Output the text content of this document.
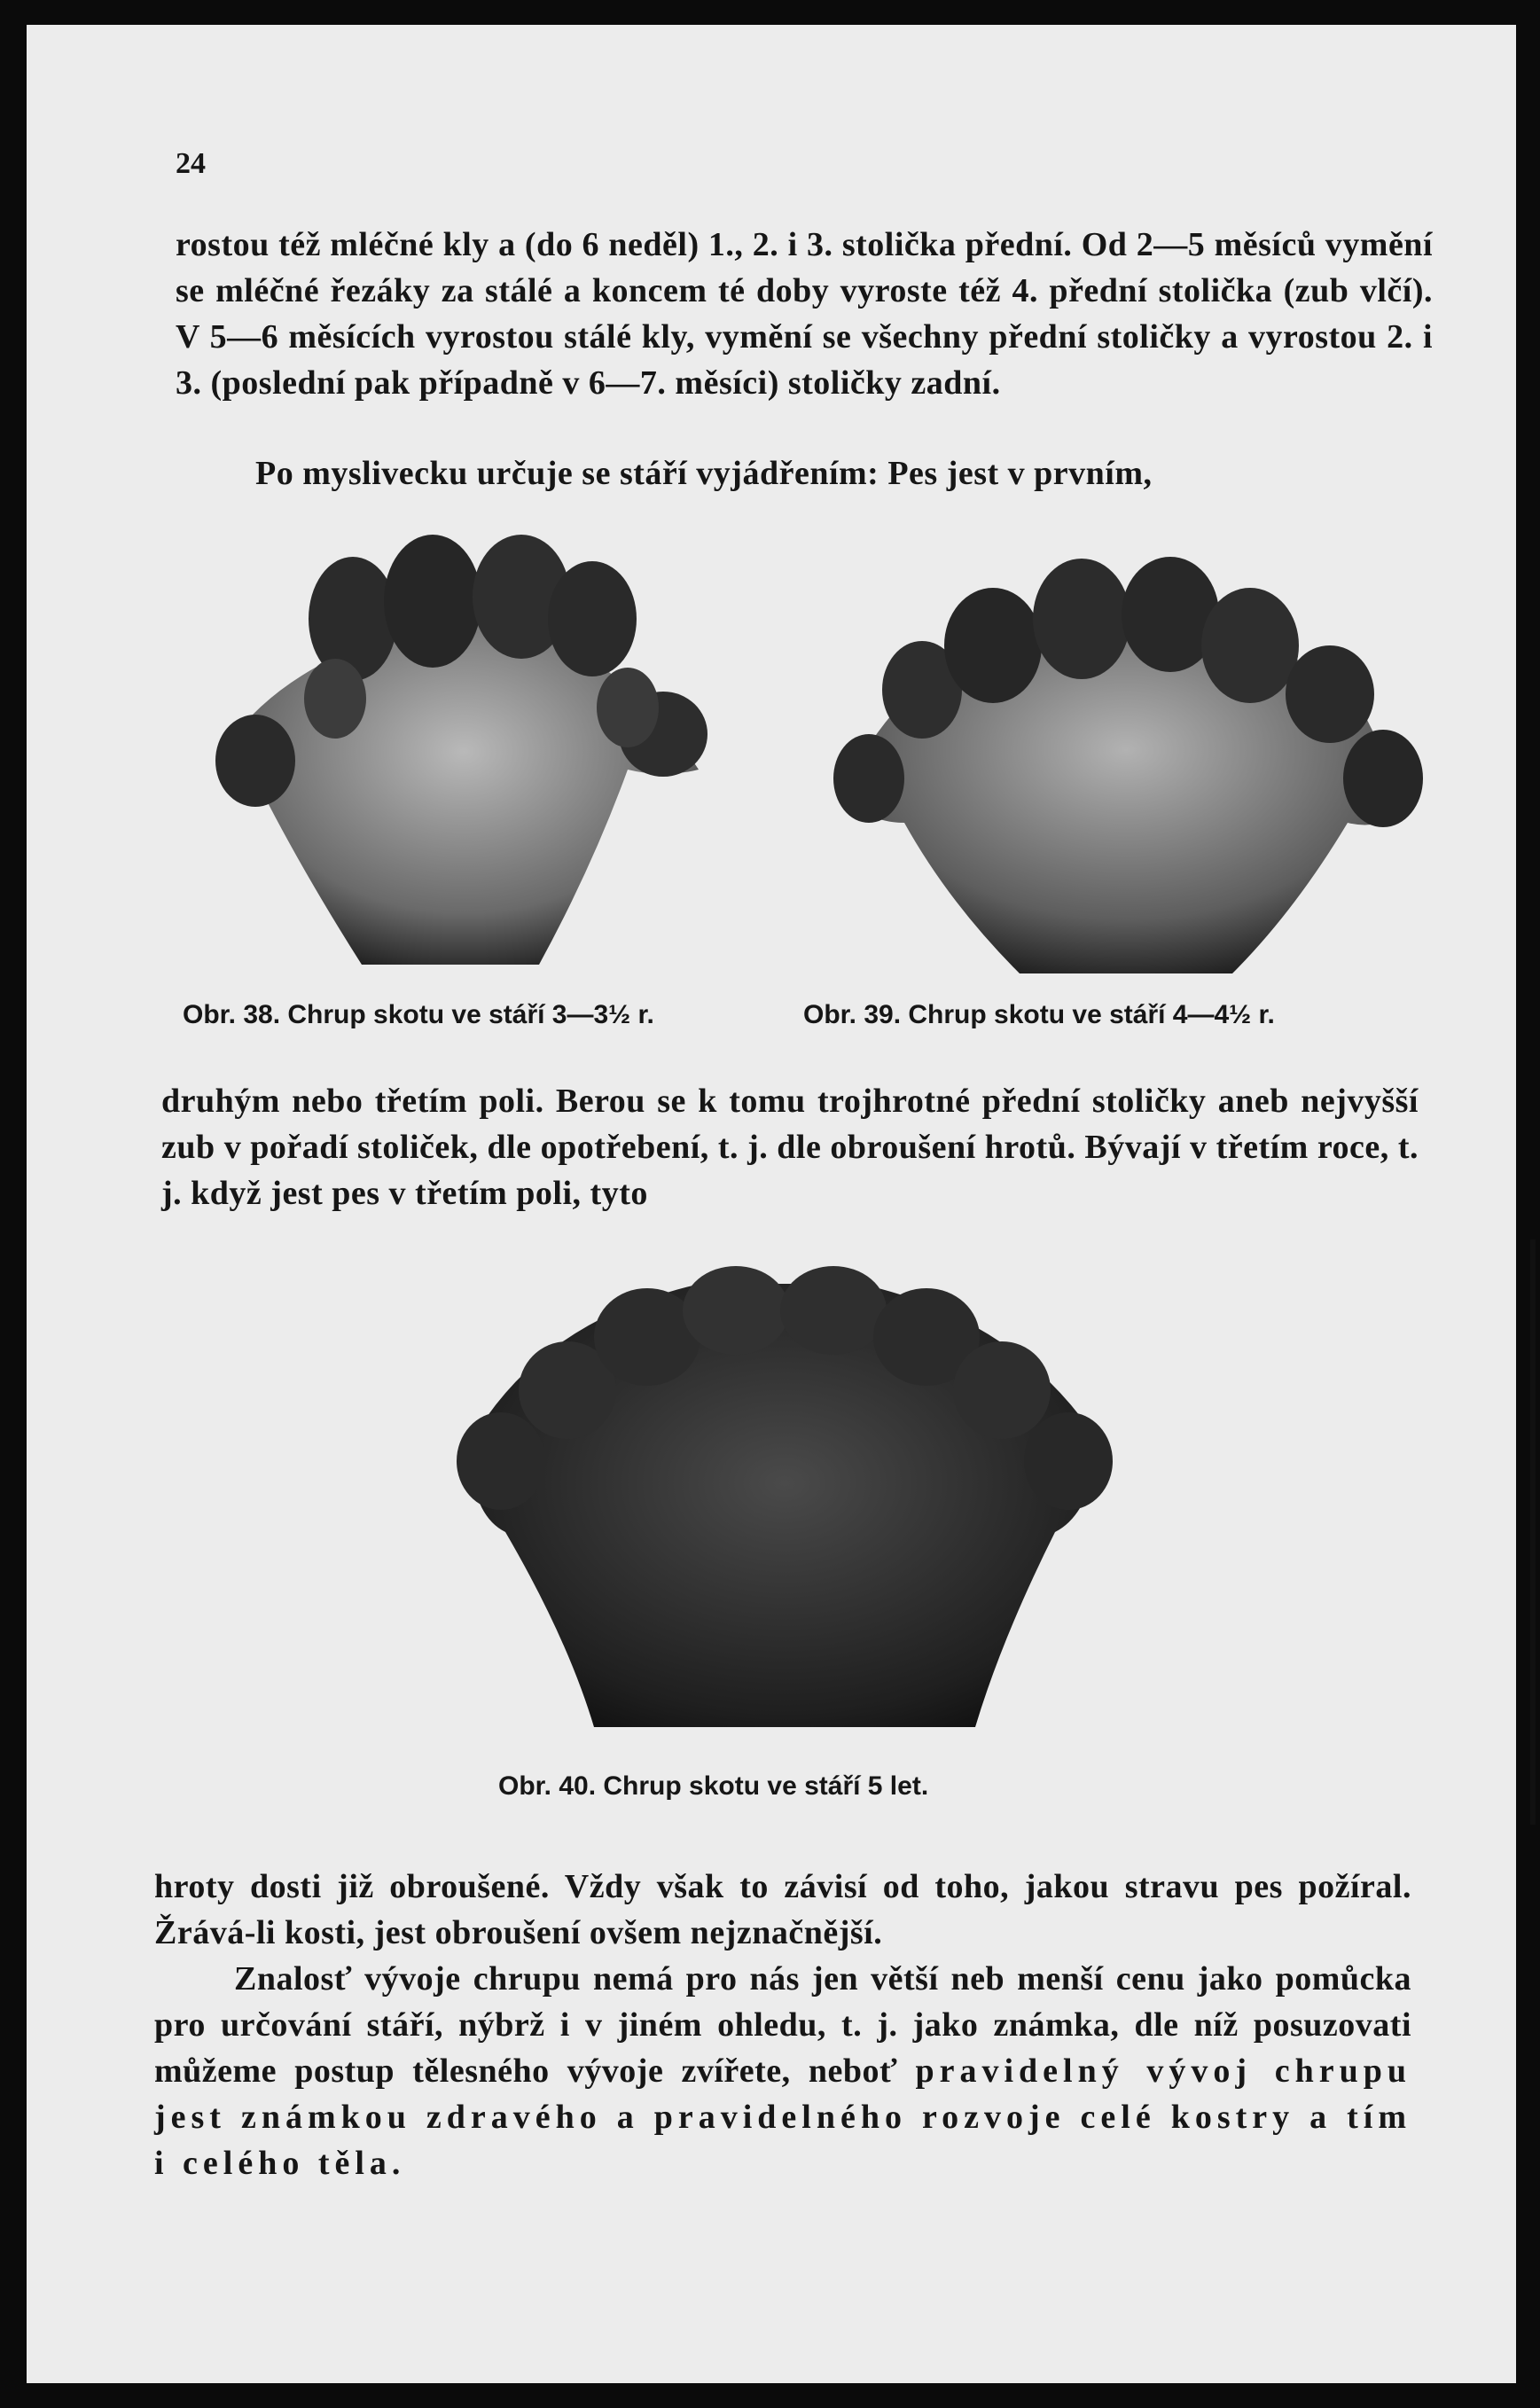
24

rostou též mléčné kly a (do 6 neděl) 1., 2. i 3. stolička přední. Od 2—5 měsíců vymění se mléčné řezáky za stálé a koncem té doby vyroste též 4. přední stolička (zub vlčí). V 5—6 měsících vyrostou stálé kly, vymění se všechny přední stoličky a vyrostou 2. i 3. (poslední pak případně v 6—7. měsíci) stoličky zadní.

Po myslivecku určuje se stáří vyjádřením: Pes jest v prvním,

Obr. 38. Chrup skotu ve stáří 3—3½ r.	Obr. 39. Chrup skotu ve stáří 4—4½ r.

druhým nebo třetím poli. Berou se k tomu trojhrotné přední stoličky aneb nejvyšší zub v pořadí stoliček, dle opotřebení, t. j. dle obroušení hrotů. Bývají v třetím roce, t. j. když jest pes v třetím poli, tyto

Obr. 40. Chrup skotu ve stáří 5 let.

hroty dosti již obroušené. Vždy však to závisí od toho, jakou stravu pes požíral. Žrává-li kosti, jest obroušení ovšem nejznačnější.

Znalosť vývoje chrupu nemá pro nás jen větší neb menší cenu jako pomůcka pro určování stáří, nýbrž i v jiném ohledu, t. j. jako známka, dle níž posuzovati můžeme postup tělesného vývoje zvířete, neboť pravidelný vývoj chrupu jest známkou zdravého a pravidelného rozvoje celé kostry a tím i celého těla.
